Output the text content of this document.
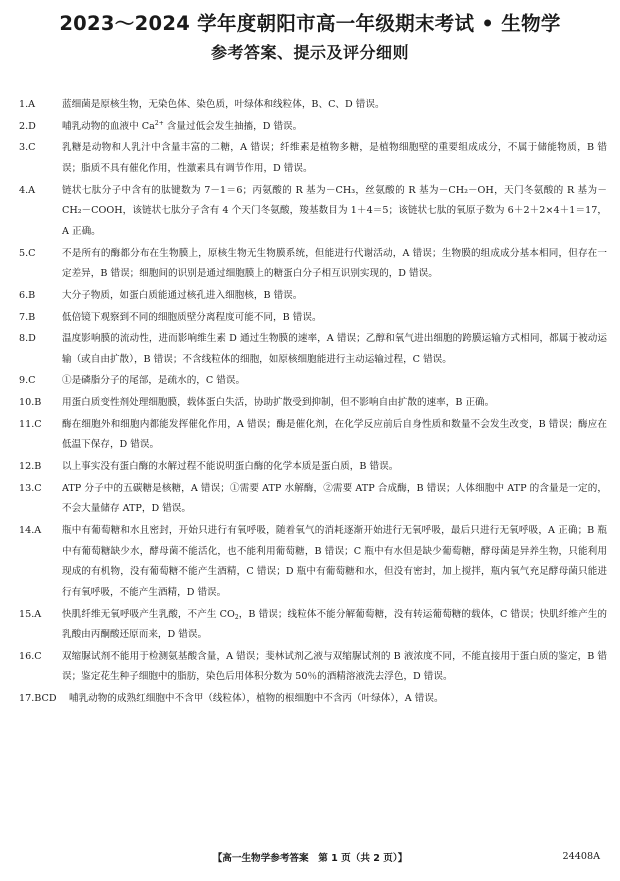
2023～2024 学年度朝阳市高一年级期末考试 • 生物学
参考答案、提示及评分细则
1.A	蓝细菌是原核生物，无染色体、染色质，叶绿体和线粒体，B、C、D 错误。
2.D	哺乳动物的血液中 $Ca^{2+}$ 含量过低会发生抽搐，D 错误。
3.C	乳糖是动物和人乳汁中含量丰富的二糖，A 错误；纤维素是植物多糖，是植物细胞壁的重要组成成分，不属于储能物质，B 错误；脂质不具有催化作用，性激素具有调节作用，D 错误。
4.A	链状七肽分子中含有的肽键数为 7－1＝6；丙氨酸的 R 基为－CH₃，丝氨酸的 R 基为－CH₂－OH，天门冬氨酸的 R 基为－CH₂－COOH，该链状七肽分子含有 4 个天门冬氨酸，羧基数目为 1＋4＝5；该链状七肽的氧原子数为 6＋2＋2×4＋1＝17，A 正确。
5.C	不是所有的酶都分布在生物膜上，原核生物无生物膜系统，但能进行代谢活动，A 错误；生物膜的组成成分基本相同，但存在一定差异，B 错误；细胞间的识别是通过细胞膜上的糖蛋白分子相互识别实现的，D 错误。
6.B	大分子物质，如蛋白质能通过核孔进入细胞核，B 错误。
7.B	低倍镜下观察到不同的细胞质壁分离程度可能不同，B 错误。
8.D	温度影响膜的流动性，进而影响维生素 D 通过生物膜的速率，A 错误；乙醇和氧气进出细胞的跨膜运输方式相同，都属于被动运输（或自由扩散），B 错误；不含线粒体的细胞，如原核细胞能进行主动运输过程，C 错误。
9.C	①是磷脂分子的尾部，是疏水的，C 错误。
10.B	用蛋白质变性剂处理细胞膜，载体蛋白失活，协助扩散受到抑制，但不影响自由扩散的速率，B 正确。
11.C	酶在细胞外和细胞内都能发挥催化作用，A 错误；酶是催化剂，在化学反应前后自身性质和数量不会发生改变，B 错误；酶应在低温下保存，D 错误。
12.B	以上事实没有蛋白酶的水解过程不能说明蛋白酶的化学本质是蛋白质，B 错误。
13.C	ATP 分子中的五碳糖是核糖，A 错误；①需要 ATP 水解酶，②需要 ATP 合成酶，B 错误；人体细胞中 ATP 的含量是一定的，不会大量储存 ATP，D 错误。
14.A	瓶中有葡萄糖和水且密封，开始只进行有氧呼吸，随着氧气的消耗逐渐开始进行无氧呼吸，最后只进行无氧呼吸，A 正确；B 瓶中有葡萄糖缺少水，酵母菌不能活化，也不能利用葡萄糖，B 错误；C 瓶中有水但是缺少葡萄糖，酵母菌是异养生物，只能利用现成的有机物，没有葡萄糖不能产生酒精，C 错误；D 瓶中有葡萄糖和水，但没有密封，加上搅拌，瓶内氧气充足酵母菌只能进行有氧呼吸，不能产生酒精，D 错误。
15.A	快肌纤维无氧呼吸产生乳酸，不产生 $CO_2$，B 错误；线粒体不能分解葡萄糖，没有转运葡萄糖的载体，C 错误；快肌纤维产生的乳酸由丙酮酸还原而来，D 错误。
16.C	双缩脲试剂不能用于检测氨基酸含量，A 错误；斐林试剂乙液与双缩脲试剂的 B 液浓度不同，不能直接用于蛋白质的鉴定，B 错误；鉴定花生种子细胞中的脂肪，染色后用体积分数为 50％的酒精溶液洗去浮色，D 错误。
17.BCD	哺乳动物的成熟红细胞中不含甲（线粒体），植物的根细胞中不含丙（叶绿体），A 错误。
【高一生物学参考答案　第 1 页（共 2 页）】	24408A
